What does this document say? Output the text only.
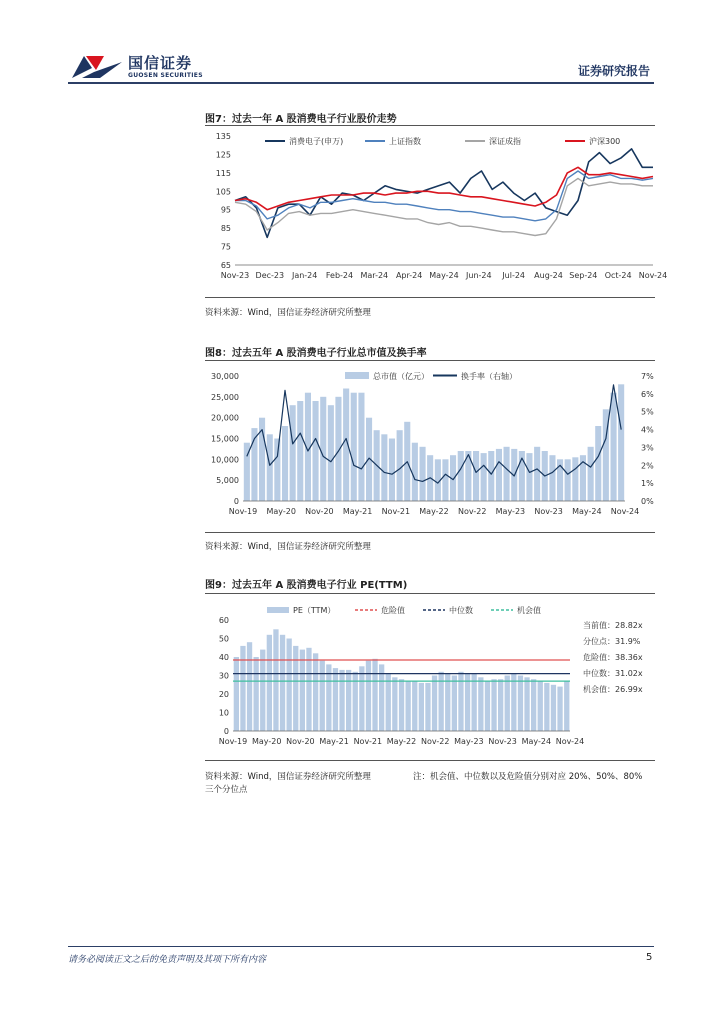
国信证券
GUOSEN SECURITIES	证券研究报告
图7：过去一年 A 股消费电子行业股价走势
65
75
85
95
105
115
125
135
Nov-23 Dec-23 Jan-24 Feb-24 Mar-24 Apr-24 May-24 Jun-24 Jul-24 Aug-24 Sep-24 Oct-24 Nov-24
消费电子(申万)	上证指数	深证成指	沪深300
资料来源：Wind，国信证券经济研究所整理
图8：过去五年 A 股消费电子行业总市值及换手率
0
5,000
10,000
15,000
20,000
25,000
30,000
0%
1%
2%
3%
4%
5%
6%
7%
Nov-19 May-20 Nov-20 May-21 Nov-21 May-22 Nov-22 May-23 Nov-23 May-24 Nov-24
总市值（亿元）	换手率（右轴）
资料来源：Wind，国信证券经济研究所整理
图9：过去五年 A 股消费电子行业 PE(TTM)
0
10
20
30
40
50
60
Nov-19 May-20 Nov-20 May-21 Nov-21 May-22 Nov-22 May-23 Nov-23 May-24 Nov-24
PE（TTM）	危险值	中位数	机会值
当前值：28.82x
分位点：31.9%
危险值：38.36x
中位数：31.02x
机会值：26.99x
资料来源：Wind，国信证券经济研究所整理	注：机会值、中位数以及危险值分别对应 20%、50%、80%
三个分位点
请务必阅读正文之后的免责声明及其项下所有内容	5
